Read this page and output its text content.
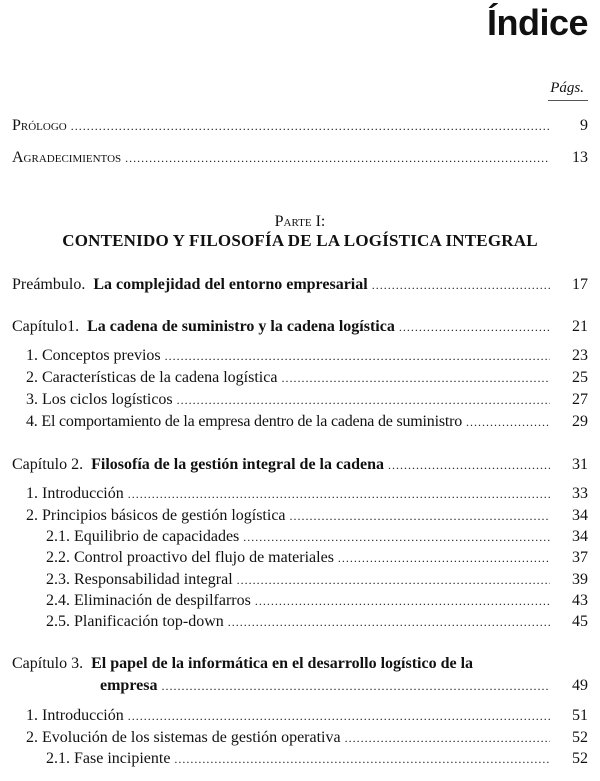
Índice
Págs.
Prólogo .....	9
Agradecimientos .....	13
Parte I:
CONTENIDO Y FILOSOFÍA DE LA LOGÍSTICA INTEGRAL
Preámbulo. La complejidad del entorno empresarial .....	17
Capítulo1. La cadena de suministro y la cadena logística .....	21
1. Conceptos previos .....	23
2. Características de la cadena logística .....	25
3. Los ciclos logísticos .....	27
4. El comportamiento de la empresa dentro de la cadena de suministro .....	29
Capítulo 2. Filosofía de la gestión integral de la cadena .....	31
1. Introducción .....	33
2. Principios básicos de gestión logística .....	34
2.1. Equilibrio de capacidades .....	34
2.2. Control proactivo del flujo de materiales .....	37
2.3. Responsabilidad integral .....	39
2.4. Eliminación de despilfarros .....	43
2.5. Planificación top-down .....	45
Capítulo 3. El papel de la informática en el desarrollo logístico de la
empresa .....	49
1. Introducción .....	51
2. Evolución de los sistemas de gestión operativa .....	52
2.1. Fase incipiente .....	52
